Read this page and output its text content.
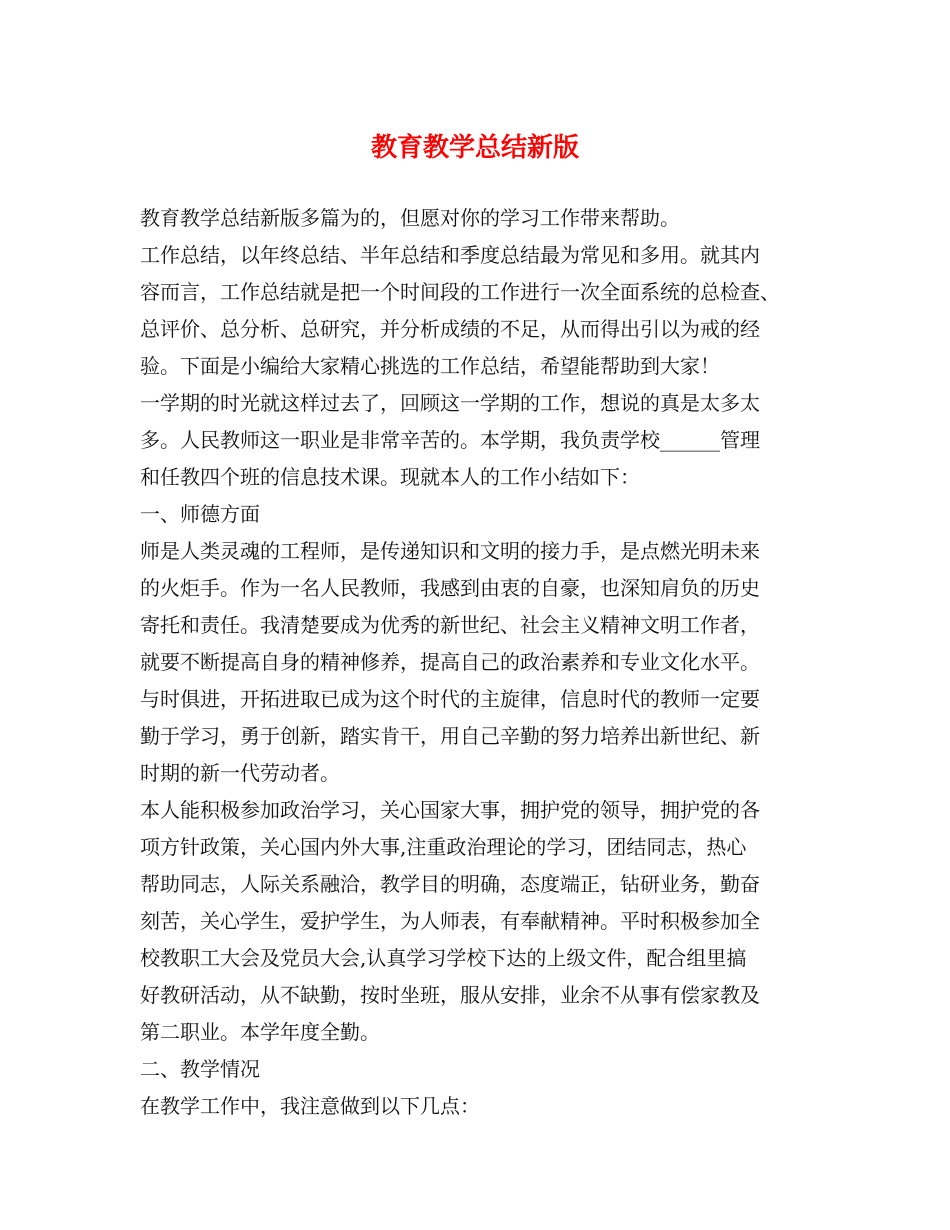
教育教学总结新版
教育教学总结新版多篇为的，但愿对你的学习工作带来帮助。
工作总结，以年终总结、半年总结和季度总结最为常见和多用。就其内
容而言，工作总结就是把一个时间段的工作进行一次全面系统的总检查、
总评价、总分析、总研究，并分析成绩的不足，从而得出引以为戒的经
验。下面是小编给大家精心挑选的工作总结，希望能帮助到大家！
一学期的时光就这样过去了，回顾这一学期的工作，想说的真是太多太
多。人民教师这一职业是非常辛苦的。本学期，我负责学校______管理
和任教四个班的信息技术课。现就本人的工作小结如下：
一、师德方面
师是人类灵魂的工程师，是传递知识和文明的接力手，是点燃光明未来
的火炬手。作为一名人民教师，我感到由衷的自豪，也深知肩负的历史
寄托和责任。我清楚要成为优秀的新世纪、社会主义精神文明工作者，
就要不断提高自身的精神修养，提高自己的政治素养和专业文化水平。
与时俱进，开拓进取已成为这个时代的主旋律，信息时代的教师一定要
勤于学习，勇于创新，踏实肯干，用自己辛勤的努力培养出新世纪、新
时期的新一代劳动者。
本人能积极参加政治学习，关心国家大事，拥护党的领导，拥护党的各
项方针政策，关心国内外大事,注重政治理论的学习，团结同志，热心
帮助同志，人际关系融洽，教学目的明确，态度端正，钻研业务，勤奋
刻苦，关心学生，爱护学生，为人师表，有奉献精神。平时积极参加全
校教职工大会及党员大会,认真学习学校下达的上级文件，配合组里搞
好教研活动，从不缺勤，按时坐班，服从安排，业余不从事有偿家教及
第二职业。本学年度全勤。
二、教学情况
在教学工作中，我注意做到以下几点：
